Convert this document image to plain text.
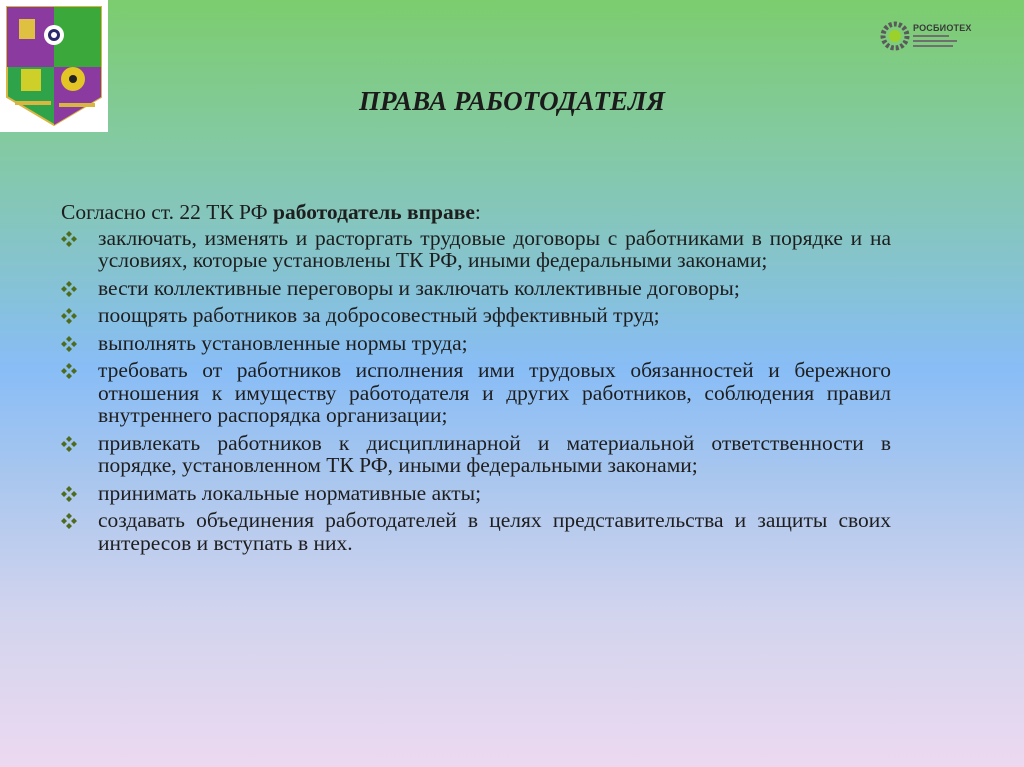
РОСБИОТЕХ
ПРАВА РАБОТОДАТЕЛЯ

Согласно ст. 22 ТК РФ работодатель вправе:

заключать, изменять и расторгать трудовые договоры с работниками в порядке и на условиях, которые установлены ТК РФ, иными федеральными законами;
вести коллективные переговоры и заключать коллективные договоры;
поощрять работников за добросовестный эффективный труд;
выполнять установленные нормы труда;
требовать от работников исполнения ими трудовых обязанностей и бережного отношения к имуществу работодателя и других работников, соблюдения правил внутреннего распорядка организации;
привлекать работников к дисциплинарной и материальной ответственности в порядке, установленном ТК РФ, иными федеральными законами;
принимать локальные нормативные акты;
создавать объединения работодателей в целях представительства и защиты своих интересов и вступать в них.
